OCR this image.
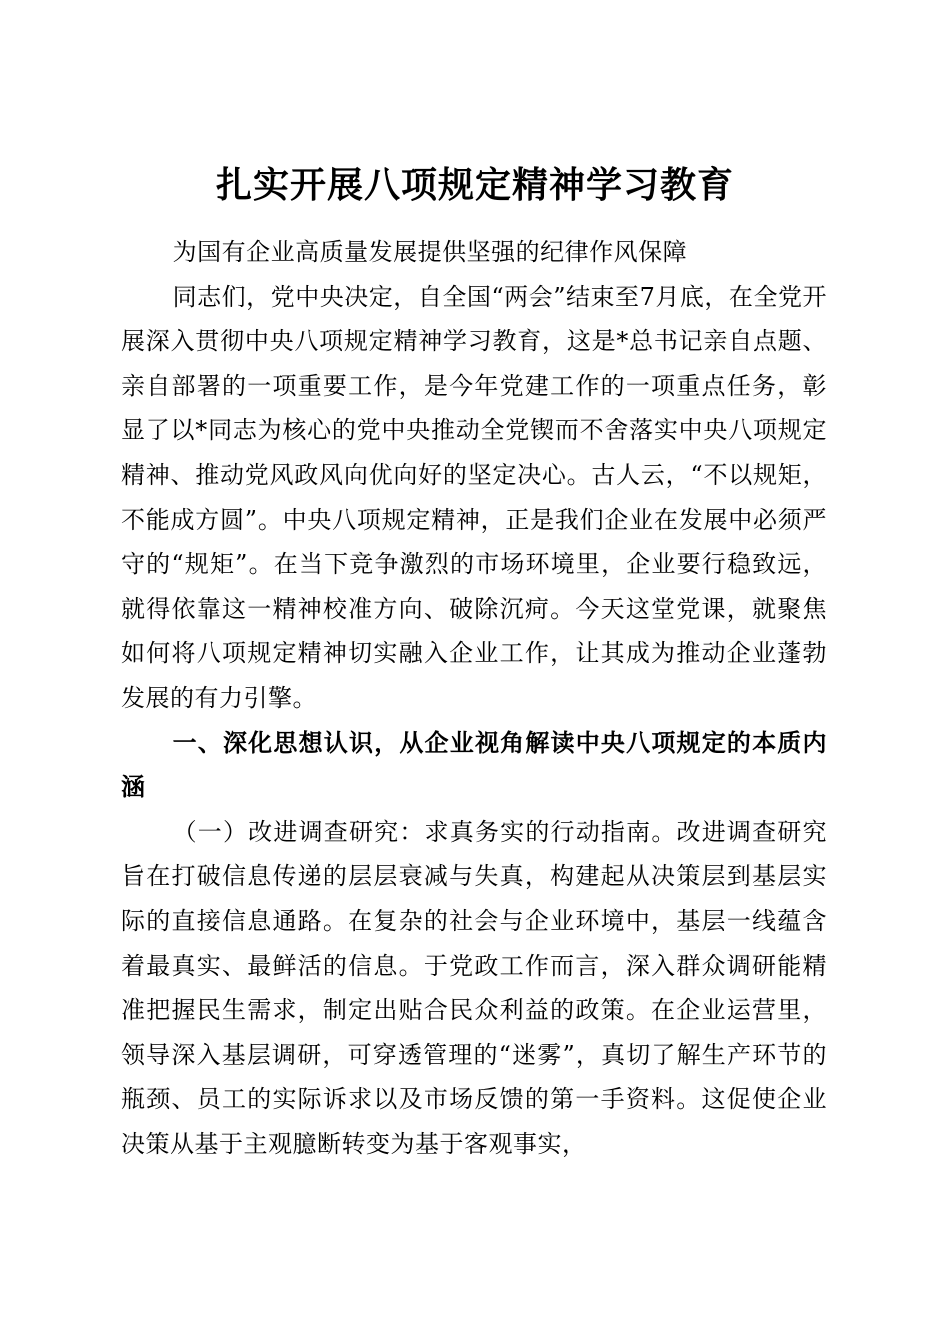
扎实开展八项规定精神学习教育

为国有企业高质量发展提供坚强的纪律作风保障

同志们，党中央决定，自全国“两会”结束至7月底，在全党开展深入贯彻中央八项规定精神学习教育，这是*总书记亲自点题、亲自部署的一项重要工作，是今年党建工作的一项重点任务，彰显了以*同志为核心的党中央推动全党锲而不舍落实中央八项规定精神、推动党风政风向优向好的坚定决心。古人云，“不以规矩，不能成方圆”。中央八项规定精神，正是我们企业在发展中必须严守的“规矩”。在当下竞争激烈的市场环境里，企业要行稳致远，就得依靠这一精神校准方向、破除沉疴。今天这堂党课，就聚焦如何将八项规定精神切实融入企业工作，让其成为推动企业蓬勃发展的有力引擎。

一、深化思想认识，从企业视角解读中央八项规定的本质内涵

（一）改进调查研究：求真务实的行动指南。改进调查研究旨在打破信息传递的层层衰减与失真，构建起从决策层到基层实际的直接信息通路。在复杂的社会与企业环境中，基层一线蕴含着最真实、最鲜活的信息。于党政工作而言，深入群众调研能精准把握民生需求，制定出贴合民众利益的政策。在企业运营里，领导深入基层调研，可穿透管理的“迷雾”，真切了解生产环节的瓶颈、员工的实际诉求以及市场反馈的第一手资料。这促使企业决策从基于主观臆断转变为基于客观事实，
